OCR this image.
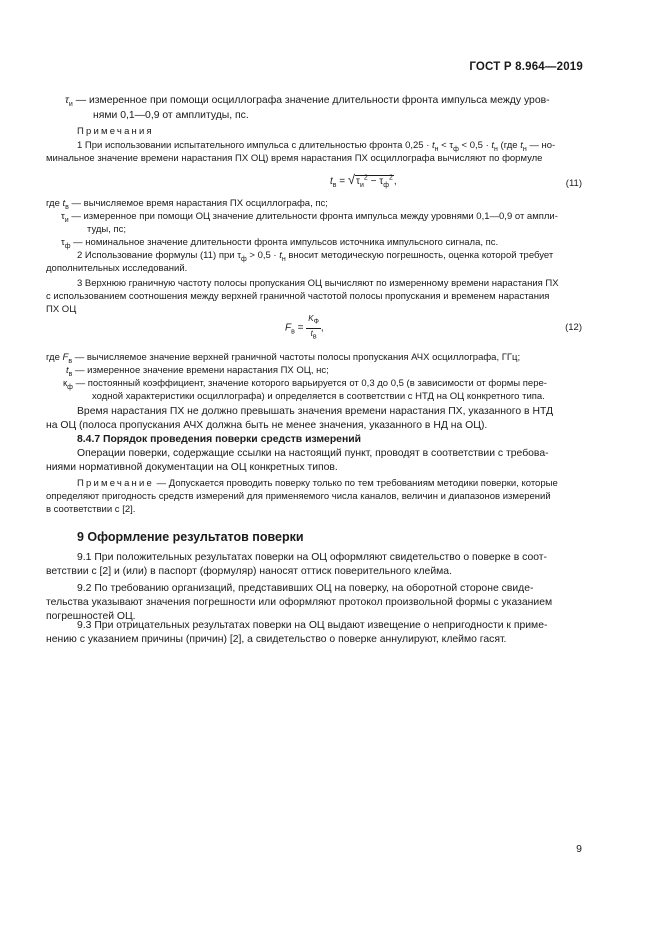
ГОСТ Р 8.964—2019
$\tau_и$ — измеренное при помощи осциллографа значение длительности фронта импульса между уров-
нями 0,1—0,9 от амплитуды, пс.
Примечания
1 При использовании испытательного импульса с длительностью фронта $0,25 \cdot t_н < \tau_ф < 0,5 \cdot t_н$ (где $t_н$ — но-
минальное значение времени нарастания ПХ ОЦ) время нарастания ПХ осциллографа вычисляют по формуле
$t_в = √\tau_и^2 - \tau_ф^2$,	(11)
где $t_в$ — вычисляемое время нарастания ПХ осциллографа, пс;
$\tau_и$ — измеренное при помощи ОЦ значение длительности фронта импульса между уровнями 0,1—0,9 от ампли-
туды, пс;
$\tau_ф$ — номинальное значение длительности фронта импульсов источника импульсного сигнала, пс.
2 Использование формулы (11) при $\tau_ф > 0,5 \cdot t_н$ вносит методическую погрешность, оценка которой требует
дополнительных исследований.
3 Верхнюю граничную частоту полосы пропускания ОЦ вычисляют по измеренному времени нарастания ПХ
с использованием соотношения между верхней граничной частотой полосы пропускания и временем нарастания
ПХ ОЦ
$F_в = \frac{K_Ф}{t_в}$ ,	(12)
где $F_в$ — вычисляемое значение верхней граничной частоты полосы пропускания АЧХ осциллографа, ГГц;
$t_в$ — измеренное значение времени нарастания ПХ ОЦ, нс;
$к_ф$ — постоянный коэффициент, значение которого варьируется от 0,3 до 0,5 (в зависимости от формы пере-
ходной характеристики осциллографа) и определяется в соответствии с НТД на ОЦ конкретного типа.
Время нарастания ПХ не должно превышать значения времени нарастания ПХ, указанного в НТД
на ОЦ (полоса пропускания АЧХ должна быть не менее значения, указанного в НД на ОЦ).
8.4.7 Порядок проведения поверки средств измерений
Операции поверки, содержащие ссылки на настоящий пункт, проводят в соответствии с требова-
ниями нормативной документации на ОЦ конкретных типов.
Примечание — Допускается проводить поверку только по тем требованиям методики поверки, которые
определяют пригодность средств измерений для применяемого числа каналов, величин и диапазонов измерений
в соответствии с [2].
9 Оформление результатов поверки
9.1 При положительных результатах поверки на ОЦ оформляют свидетельство о поверке в соот-
ветствии с [2] и (или) в паспорт (формуляр) наносят оттиск поверительного клейма.
9.2 По требованию организаций, представивших ОЦ на поверку, на оборотной стороне свиде-
тельства указывают значения погрешности или оформляют протокол произвольной формы с указанием
погрешностей ОЦ.
9.3 При отрицательных результатах поверки на ОЦ выдают извещение о непригодности к приме-
нению с указанием причины (причин) [2], а свидетельство о поверке аннулируют, клеймо гасят.
9
